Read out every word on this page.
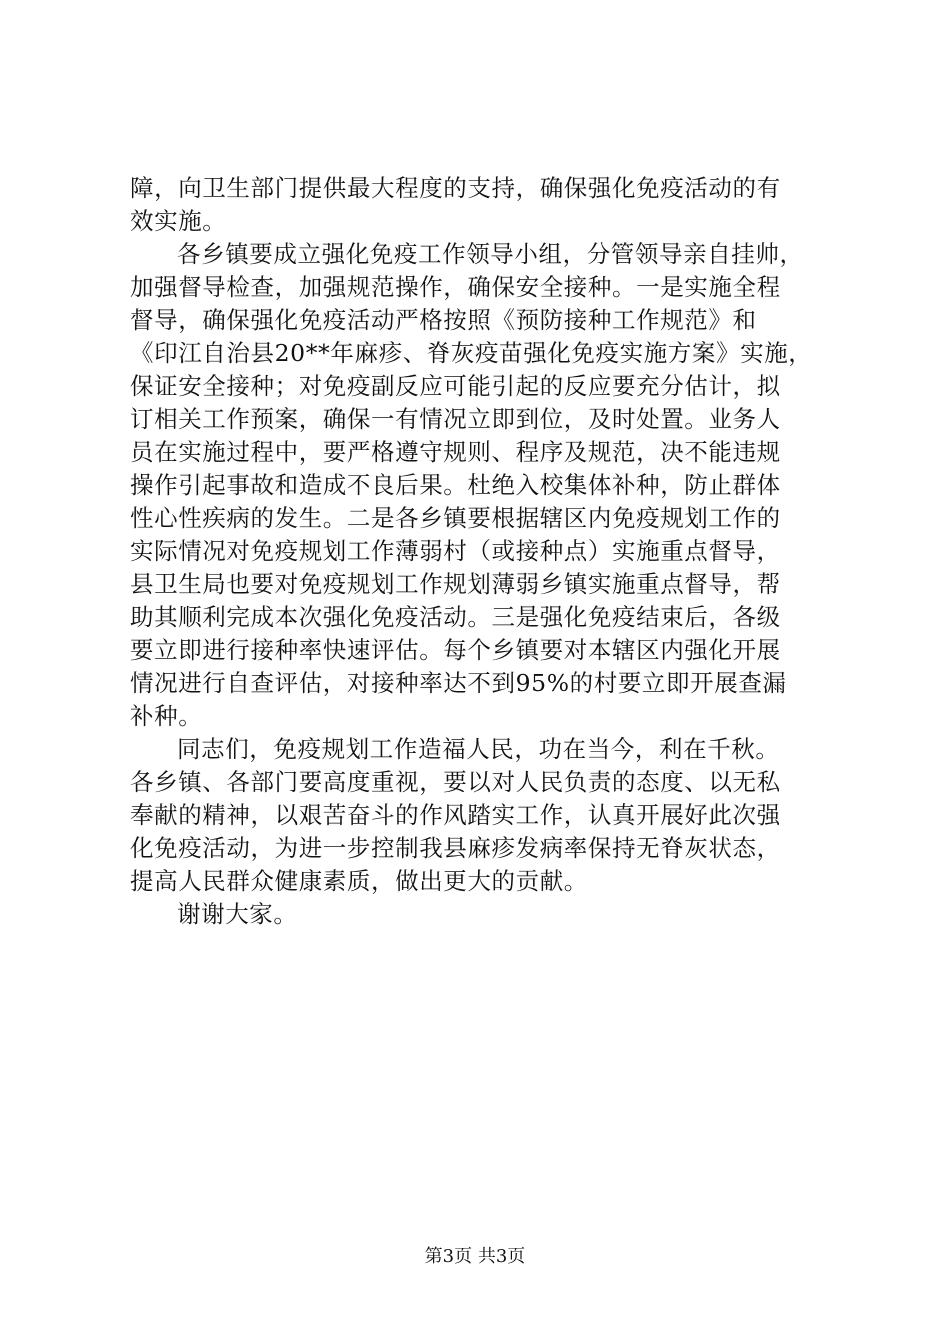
障，向卫生部门提供最大程度的支持，确保强化免疫活动的有
效实施。
各乡镇要成立强化免疫工作领导小组，分管领导亲自挂帅，
加强督导检查，加强规范操作，确保安全接种。一是实施全程
督导，确保强化免疫活动严格按照《预防接种工作规范》和
《印江自治县20**年麻疹、脊灰疫苗强化免疫实施方案》实施，
保证安全接种；对免疫副反应可能引起的反应要充分估计，拟
订相关工作预案，确保一有情况立即到位，及时处置。业务人
员在实施过程中，要严格遵守规则、程序及规范，决不能违规
操作引起事故和造成不良后果。杜绝入校集体补种，防止群体
性心性疾病的发生。二是各乡镇要根据辖区内免疫规划工作的
实际情况对免疫规划工作薄弱村（或接种点）实施重点督导，
县卫生局也要对免疫规划工作规划薄弱乡镇实施重点督导，帮
助其顺利完成本次强化免疫活动。三是强化免疫结束后，各级
要立即进行接种率快速评估。每个乡镇要对本辖区内强化开展
情况进行自查评估，对接种率达不到95%的村要立即开展查漏
补种。
同志们，免疫规划工作造福人民，功在当今，利在千秋。
各乡镇、各部门要高度重视，要以对人民负责的态度、以无私
奉献的精神，以艰苦奋斗的作风踏实工作，认真开展好此次强
化免疫活动，为进一步控制我县麻疹发病率保持无脊灰状态，
提高人民群众健康素质，做出更大的贡献。
谢谢大家。
第3页 共3页
